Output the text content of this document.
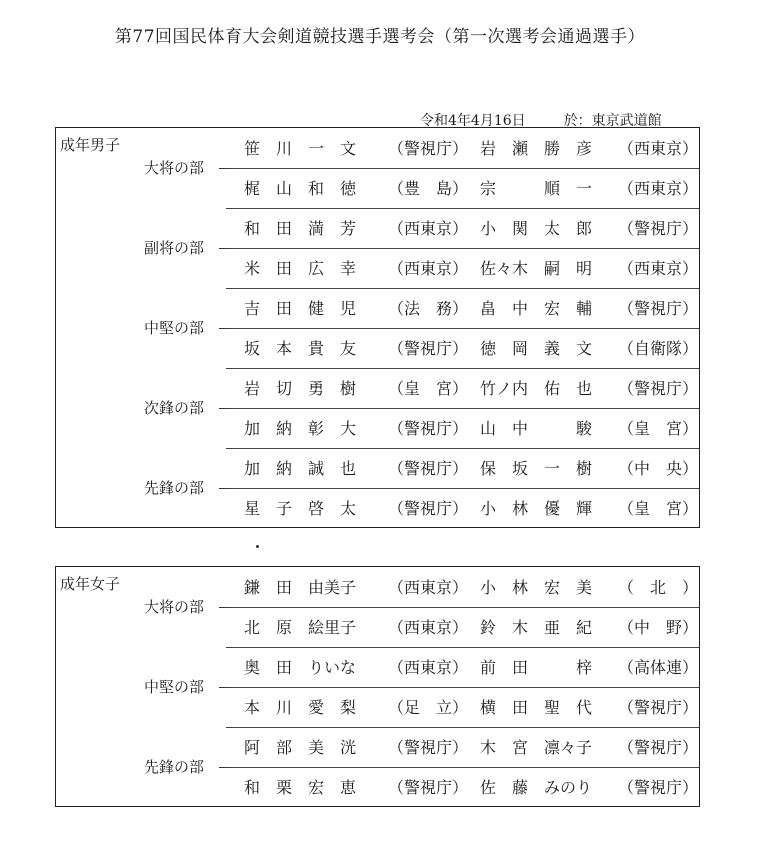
第77回国民体育大会剣道競技選手選考会（第一次選考会通過選手）
令和4年4月16日	於：東京武道館
成年男子
大将の部
笹　川　一　文 （警視庁） 岩　瀬　勝　彦 （西東京）
梶　山　和　徳 （豊　島） 宗　　　順　一 （西東京）
副将の部
和　田　満　芳 （西東京） 小　関　太　郎 （警視庁）
米　田　広　幸 （西東京） 佐々木　嗣　明 （西東京）
中堅の部
吉　田　健　児 （法　務） 畠　中　宏　輔 （警視庁）
坂　本　貴　友 （警視庁） 徳　岡　義　文 （自衛隊）
次鋒の部
岩　切　勇　樹 （皇　宮） 竹ノ内　佑　也 （警視庁）
加　納　彰　大 （警視庁） 山　中　　　駿 （皇　宮）
先鋒の部
加　納　誠　也 （警視庁） 保　坂　一　樹 （中　央）
星　子　啓　太 （警視庁） 小　林　優　輝 （皇　宮）
成年女子
大将の部
鎌　田　由美子 （西東京） 小　林　宏　美 （　北　）
北　原　絵里子 （西東京） 鈴　木　亜　紀 （中　野）
中堅の部
奥　田　りいな （西東京） 前　田　　　梓 （高体連）
本　川　愛　梨 （足　立） 横　田　聖　代 （警視庁）
先鋒の部
阿　部　美　洸 （警視庁） 木　宮　凛々子 （警視庁）
和　栗　宏　恵 （警視庁） 佐　藤　みのり （警視庁）
